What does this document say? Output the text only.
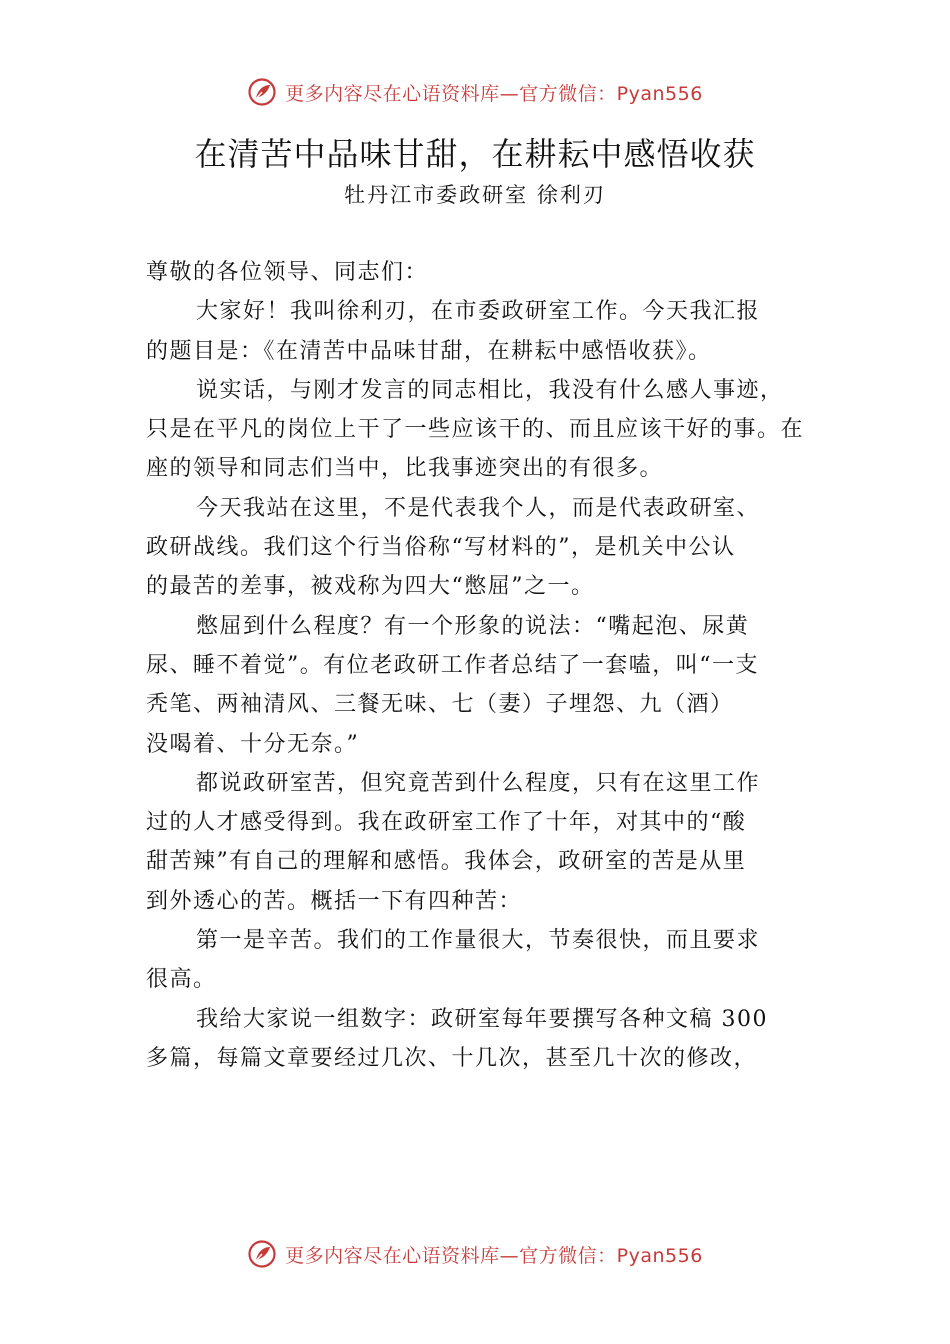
更多内容尽在心语资料库—官方微信：Pyan556
在清苦中品味甘甜，在耕耘中感悟收获
牡丹江市委政研室 徐利刃
尊敬的各位领导、同志们：
大家好！我叫徐利刃，在市委政研室工作。今天我汇报
的题目是：《在清苦中品味甘甜，在耕耘中感悟收获》。
说实话，与刚才发言的同志相比，我没有什么感人事迹，
只是在平凡的岗位上干了一些应该干的、而且应该干好的事。在
座的领导和同志们当中，比我事迹突出的有很多。
今天我站在这里，不是代表我个人，而是代表政研室、
政研战线。我们这个行当俗称“写材料的”，是机关中公认
的最苦的差事，被戏称为四大“憋屈”之一。
憋屈到什么程度？有一个形象的说法：“嘴起泡、尿黄
尿、睡不着觉”。有位老政研工作者总结了一套嗑，叫“一支
秃笔、两袖清风、三餐无味、七（妻）子埋怨、九（酒）
没喝着、十分无奈。”
都说政研室苦，但究竟苦到什么程度，只有在这里工作
过的人才感受得到。我在政研室工作了十年，对其中的“酸
甜苦辣”有自己的理解和感悟。我体会，政研室的苦是从里
到外透心的苦。概括一下有四种苦：
第一是辛苦。我们的工作量很大，节奏很快，而且要求
很高。
我给大家说一组数字：政研室每年要撰写各种文稿 300
多篇，每篇文章要经过几次、十几次，甚至几十次的修改，
更多内容尽在心语资料库—官方微信：Pyan556
